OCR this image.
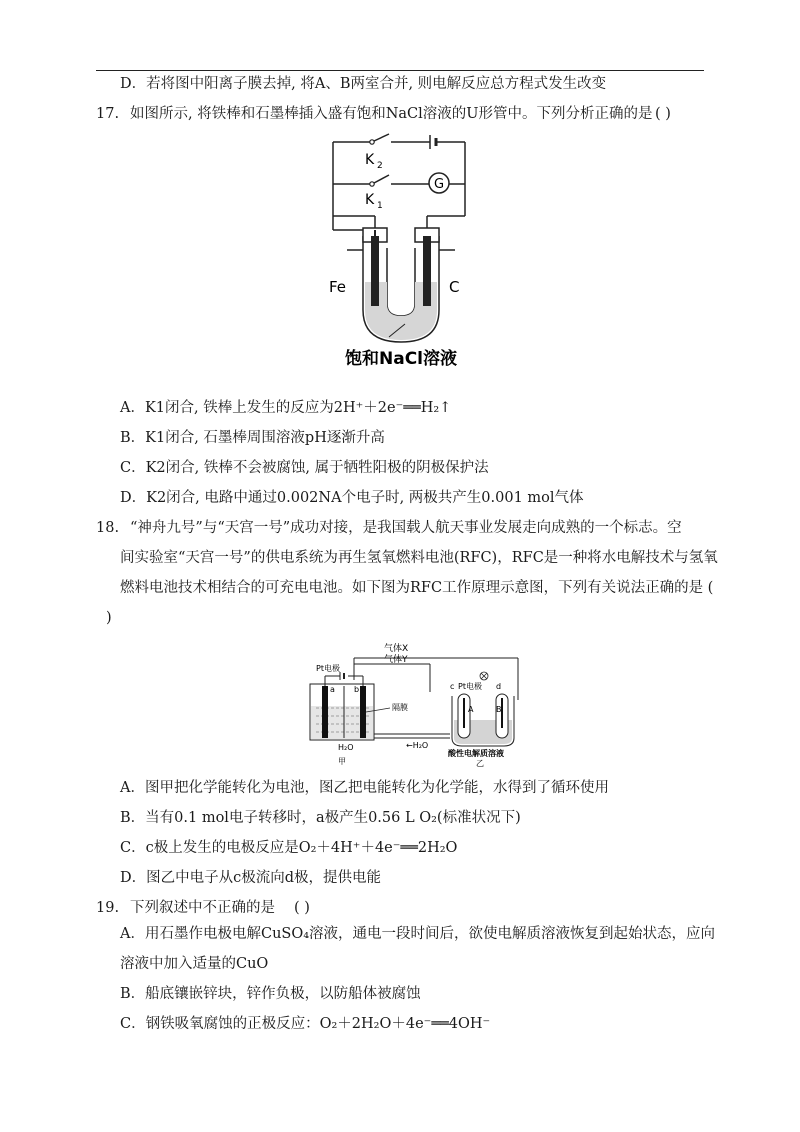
D．若将图中阳离子膜去掉, 将A、B两室合并, 则电解反应总方程式发生改变
17. 如图所示, 将铁棒和石墨棒插入盛有饱和NaCl溶液的U形管中。下列分析正确的是 ( )
K 2
G
K 1
Fe	C
饱和NaCl溶液
A．K1闭合, 铁棒上发生的反应为2H⁺＋2e⁻══H₂↑
B．K1闭合, 石墨棒周围溶液pH逐渐升高
C．K2闭合, 铁棒不会被腐蚀, 属于牺牲阳极的阴极保护法
D．K2闭合, 电路中通过0.002NA个电子时, 两极共产生0.001 mol气体
18. “神舟九号”与“天宫一号”成功对接，是我国载人航天事业发展走向成熟的一个标志。空
间实验室“天宫一号”的供电系统为再生氢氧燃料电池(RFC)，RFC是一种将水电解技术与氢氧
燃料电池技术相结合的可充电电池。如下图为RFC工作原理示意图，下列有关说法正确的是 (
)
气体X
气体Y
Pt电极
a b
H₂O
甲
隔膜
←H₂O
c Pt电极 d
A	B
酸性电解质溶液
乙
A．图甲把化学能转化为电池，图乙把电能转化为化学能，水得到了循环使用
B．当有0.1 mol电子转移时，a极产生0.56 L O₂(标准状况下)
C．c极上发生的电极反应是O₂＋4H⁺＋4e⁻══2H₂O
D．图乙中电子从c极流向d极，提供电能
19. 下列叙述中不正确的是 ( )
A．用石墨作电极电解CuSO₄溶液，通电一段时间后，欲使电解质溶液恢复到起始状态，应向
溶液中加入适量的CuO
B．船底镶嵌锌块，锌作负极，以防船体被腐蚀
C．钢铁吸氧腐蚀的正极反应：O₂＋2H₂O＋4e⁻══4OH⁻
